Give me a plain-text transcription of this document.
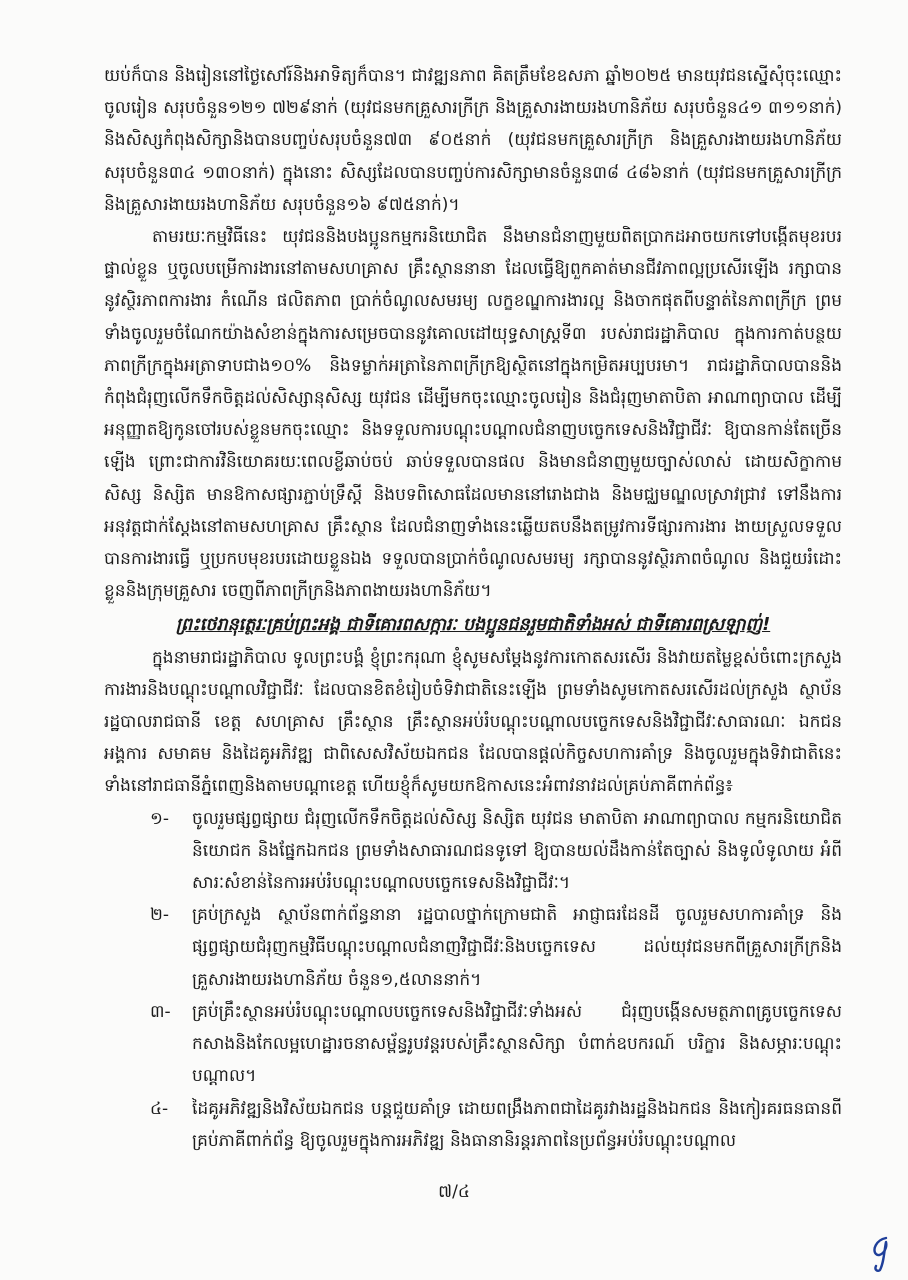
យប់ក៏បាន និងរៀននៅថ្ងៃសៅរ៍និងអាទិត្យក៏បាន។ ជាវឌ្ឍនភាព គិតត្រឹមខែឧសភា ឆ្នាំ២០២៥ មានយុវជនស្នើសុំចុះឈ្មោះចូលរៀន សរុបចំនួន១២១ ៧២៩នាក់ (យុវជនមកគ្រួសារក្រីក្រ និងគ្រួសារងាយរងហានិភ័យ សរុបចំនួន៤១ ៣១១នាក់) និងសិស្សកំពុងសិក្សានិងបានបញ្ចប់សរុបចំនួន៧៣ ៩០៥នាក់ (យុវជនមកគ្រួសារក្រីក្រ និងគ្រួសារងាយរងហានិភ័យ សរុបចំនួន៣៤ ១៣០នាក់) ក្នុងនោះ សិស្សដែលបានបញ្ចប់ការសិក្សាមានចំនួន៣៨ ៤៨៦នាក់ (យុវជនមកគ្រួសារក្រីក្រ និងគ្រួសារងាយរងហានិភ័យ សរុបចំនួន១៦ ៩៧៥នាក់)។

តាមរយៈកម្មវិធីនេះ យុវជននិងបងប្អូនកម្មករនិយោជិត នឹងមានជំនាញមួយពិតប្រាកដអាចយកទៅបង្កើតមុខរបរផ្ទាល់ខ្លួន ឬចូលបម្រើការងារនៅតាមសហគ្រាស គ្រឹះស្ថាននានា ដែលធ្វើឱ្យពួកគាត់មានជីវភាពល្អប្រសើរឡើង រក្សាបាននូវស្ថិរភាពការងារ កំណើន ផលិតភាព ប្រាក់ចំណូលសមរម្យ លក្ខខណ្ឌការងារល្អ និងចាកផុតពីបន្ទាត់នៃភាពក្រីក្រ ព្រមទាំងចូលរួមចំណែកយ៉ាងសំខាន់ក្នុងការសម្រេចបាននូវគោលដៅយុទ្ធសាស្ត្រទី៣ របស់រាជរដ្ឋាភិបាល ក្នុងការកាត់បន្ថយភាពក្រីក្រក្នុងអត្រាទាបជាង១០% និងទម្លាក់អត្រានៃភាពក្រីក្រឱ្យស្ថិតនៅក្នុងកម្រិតអប្បបរមា។ រាជរដ្ឋាភិបាលបាននិងកំពុងជំរុញលើកទឹកចិត្តដល់សិស្សានុសិស្ស យុវជន ដើម្បីមកចុះឈ្មោះចូលរៀន និងជំរុញមាតាបិតា អាណាព្យាបាល ដើម្បីអនុញ្ញាតឱ្យកូនចៅរបស់ខ្លួនមកចុះឈ្មោះ និងទទួលការបណ្តុះបណ្តាលជំនាញបច្ចេកទេសនិងវិជ្ជាជីវៈ ឱ្យបានកាន់តែច្រើនឡើង ព្រោះជាការវិនិយោគរយៈពេលខ្លីឆាប់ចប់ ឆាប់ទទួលបានផល និងមានជំនាញមួយច្បាស់លាស់ ដោយសិក្ខាកាម សិស្ស និស្សិត មានឱកាសផ្សារភ្ជាប់ទ្រឹស្តី និងបទពិសោធដែលមាននៅរោងជាង និងមជ្ឈមណ្ឌលស្រាវជ្រាវ ទៅនឹងការអនុវត្តជាក់ស្តែងនៅតាមសហគ្រាស គ្រឹះស្ថាន ដែលជំនាញទាំងនេះឆ្លើយតបនឹងតម្រូវការទីផ្សារការងារ ងាយស្រួលទទួលបានការងារធ្វើ ឬប្រកបមុខរបរដោយខ្លួនឯង ទទួលបានប្រាក់ចំណូលសមរម្យ រក្សាបាននូវស្ថិរភាពចំណូល និងជួយរំដោះខ្លួននិងក្រុមគ្រួសារ ចេញពីភាពក្រីក្រនិងភាពងាយរងហានិភ័យ។

ព្រះថេរានុត្ថេរៈគ្រប់ព្រះអង្គ ជាទីគោរពសក្ការៈ បងប្អូនជនរួមជាតិទាំងអស់ ជាទីគោរពស្រឡាញ់!

ក្នុងនាមរាជរដ្ឋាភិបាល ទូលព្រះបង្គំ ខ្ញុំព្រះករុណា ខ្ញុំសូមសម្តែងនូវការកោតសរសើរ និងវាយតម្លៃខ្ពស់ចំពោះក្រសួងការងារនិងបណ្តុះបណ្តាលវិជ្ជាជីវៈ ដែលបានខិតខំរៀបចំទិវាជាតិនេះឡើង ព្រមទាំងសូមកោតសរសើរដល់ក្រសួង ស្ថាប័ន រដ្ឋបាលរាជធានី ខេត្ត សហគ្រាស គ្រឹះស្ថាន គ្រឹះស្ថានអប់រំបណ្តុះបណ្តាលបច្ចេកទេសនិងវិជ្ជាជីវៈសាធារណៈ ឯកជន អង្គការ សមាគម និងដៃគូអភិវឌ្ឍ ជាពិសេសវិស័យឯកជន ដែលបានផ្តល់កិច្ចសហការគាំទ្រ និងចូលរួមក្នុងទិវាជាតិនេះ ទាំងនៅរាជធានីភ្នំពេញនិងតាមបណ្តាខេត្ត ហើយខ្ញុំក៏សូមយកឱកាសនេះអំពាវនាវដល់គ្រប់ភាគីពាក់ព័ន្ធ៖

១-	ចូលរួមផ្សព្វផ្សាយ ជំរុញលើកទឹកចិត្តដល់សិស្ស និស្សិត យុវជន មាតាបិតា អាណាព្យាបាល កម្មករនិយោជិត និយោជក និងផ្នែកឯកជន ព្រមទាំងសាធារណជនទូទៅ ឱ្យបានយល់ដឹងកាន់តែច្បាស់ និងទូលំទូលាយ អំពីសារៈសំខាន់នៃការអប់រំបណ្តុះបណ្តាលបច្ចេកទេសនិងវិជ្ជាជីវៈ។
២-	គ្រប់ក្រសួង ស្ថាប័នពាក់ព័ន្ធនានា រដ្ឋបាលថ្នាក់ក្រោមជាតិ អាជ្ញាធរដែនដី ចូលរួមសហការគាំទ្រ និងផ្សព្វផ្សាយជំរុញកម្មវិធីបណ្តុះបណ្តាលជំនាញវិជ្ជាជីវៈនិងបច្ចេកទេស ដល់យុវជនមកពីគ្រួសារក្រីក្រនិងគ្រួសារងាយរងហានិភ័យ ចំនួន១,៥លាននាក់។
៣-	គ្រប់គ្រឹះស្ថានអប់រំបណ្តុះបណ្តាលបច្ចេកទេសនិងវិជ្ជាជីវៈទាំងអស់ ជំរុញបង្កើនសមត្ថភាពគ្រូបច្ចេកទេស កសាងនិងកែលម្អហេដ្ឋារចនាសម្ព័ន្ធរូបវន្តរបស់គ្រឹះស្ថានសិក្សា បំពាក់ឧបករណ៍ បរិក្ខារ និងសម្ភារៈបណ្តុះបណ្តាល។
៤-	ដៃគូអភិវឌ្ឍនិងវិស័យឯកជន បន្តជួយគាំទ្រ ដោយពង្រឹងភាពជាដៃគូរវាងរដ្ឋនិងឯកជន និងកៀរគរធនធានពីគ្រប់ភាគីពាក់ព័ន្ធ ឱ្យចូលរួមក្នុងការអភិវឌ្ឍ និងធានានិរន្តរភាពនៃប្រព័ន្ធអប់រំបណ្តុះបណ្តាល
៧/៤
